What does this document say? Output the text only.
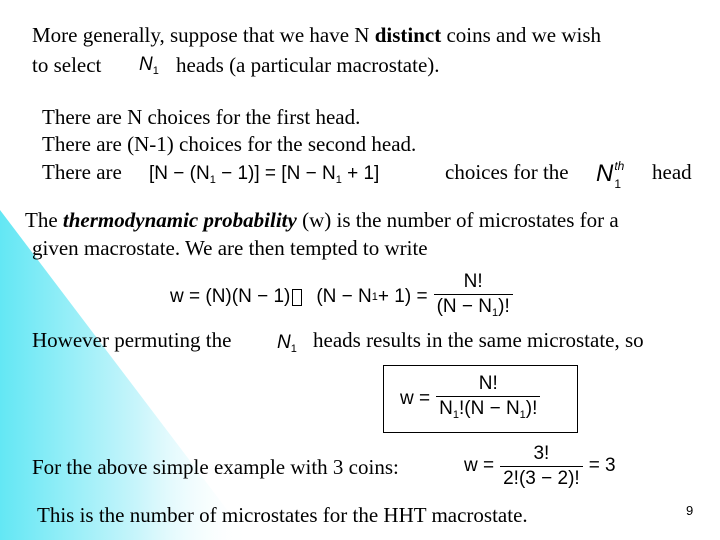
More generally, suppose that we have N distinct coins and we wish
to select $N_1$ heads (a particular macrostate).
There are N choices for the first head.
There are (N-1) choices for the second head.
There are $[N - (N_1 - 1)] = [N - N_1 + 1]$	choices for the N th
1 head
The thermodynamic probability (w) is the number of microstates for a
given macrostate. We are then tempted to write
w = (N)(N − 1) (N − N $1 + 1) = \frac{N!}{(N - N_1)!}$
However permuting the $N_1$ heads results in the same microstate, so
$w = \frac{N!}{N_1!(N - N_1)!}$
For the above simple example with 3 coins:	$w = \frac{3!}{2!(3 - 2)!} = 3$
This is the number of microstates for the HHT macrostate.	9
